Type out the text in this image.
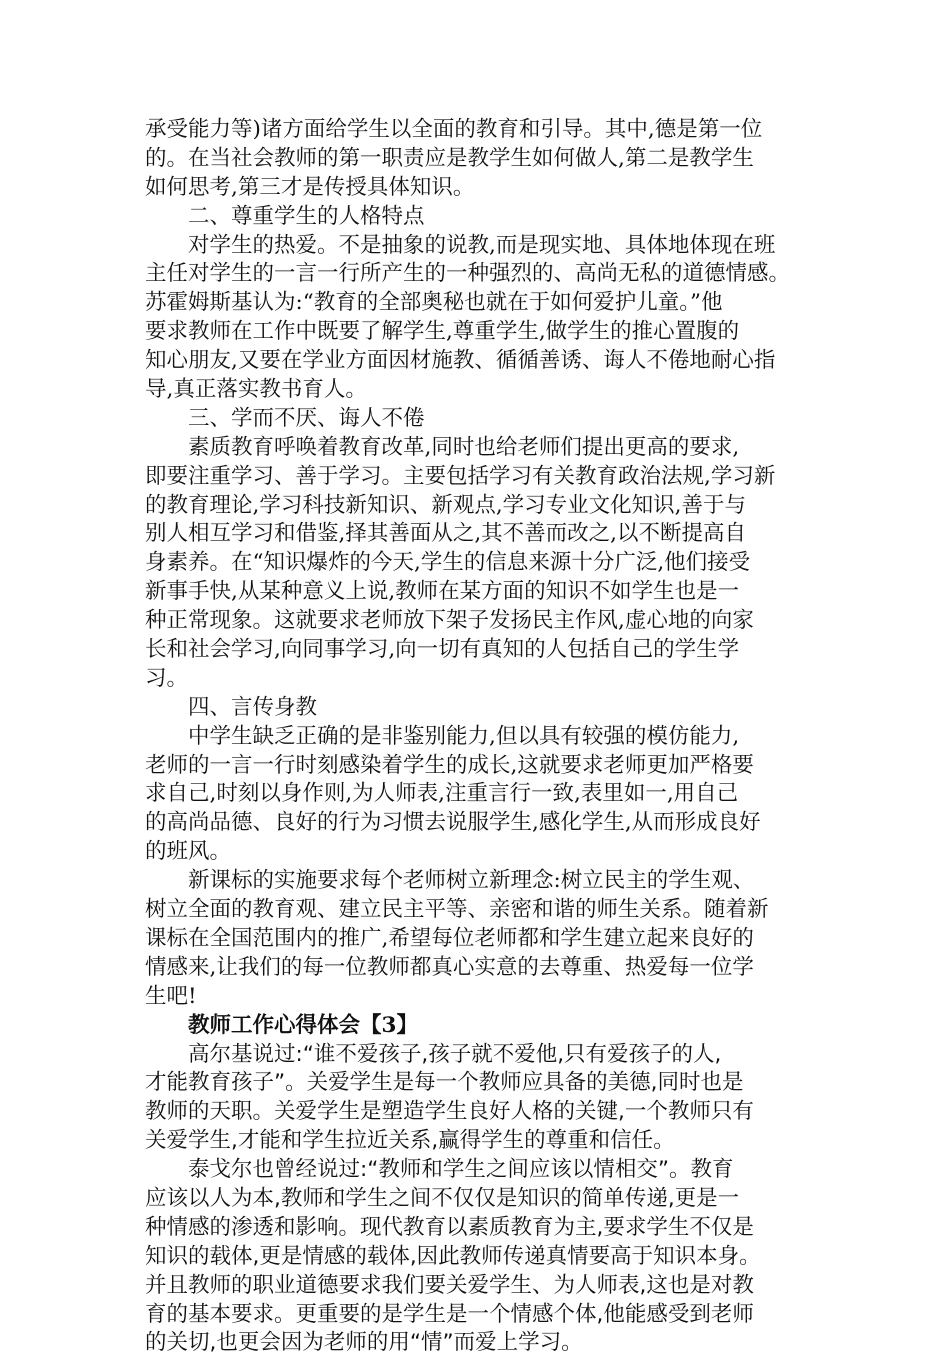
承受能力等)诸方面给学生以全面的教育和引导。其中,德是第一位
的。在当社会教师的第一职责应是教学生如何做人,第二是教学生
如何思考,第三才是传授具体知识。
二、尊重学生的人格特点
对学生的热爱。不是抽象的说教,而是现实地、具体地体现在班
主任对学生的一言一行所产生的一种强烈的、高尚无私的道德情感。
苏霍姆斯基认为:“教育的全部奥秘也就在于如何爱护儿童。”他
要求教师在工作中既要了解学生,尊重学生,做学生的推心置腹的
知心朋友,又要在学业方面因材施教、循循善诱、诲人不倦地耐心指
导,真正落实教书育人。
三、学而不厌、诲人不倦
素质教育呼唤着教育改革,同时也给老师们提出更高的要求,
即要注重学习、善于学习。主要包括学习有关教育政治法规,学习新
的教育理论,学习科技新知识、新观点,学习专业文化知识,善于与
别人相互学习和借鉴,择其善面从之,其不善而改之,以不断提高自
身素养。在“知识爆炸的今天,学生的信息来源十分广泛,他们接受
新事手快,从某种意义上说,教师在某方面的知识不如学生也是一
种正常现象。这就要求老师放下架子发扬民主作风,虚心地的向家
长和社会学习,向同事学习,向一切有真知的人包括自己的学生学
习。
四、言传身教
中学生缺乏正确的是非鉴别能力,但以具有较强的模仿能力,
老师的一言一行时刻感染着学生的成长,这就要求老师更加严格要
求自己,时刻以身作则,为人师表,注重言行一致,表里如一,用自己
的高尚品德、良好的行为习惯去说服学生,感化学生,从而形成良好
的班风。
新课标的实施要求每个老师树立新理念:树立民主的学生观、
树立全面的教育观、建立民主平等、亲密和谐的师生关系。随着新
课标在全国范围内的推广,希望每位老师都和学生建立起来良好的
情感来,让我们的每一位教师都真心实意的去尊重、热爱每一位学
生吧!
教师工作心得体会【3】
高尔基说过:“谁不爱孩子,孩子就不爱他,只有爱孩子的人,
才能教育孩子”。关爱学生是每一个教师应具备的美德,同时也是
教师的天职。关爱学生是塑造学生良好人格的关键,一个教师只有
关爱学生,才能和学生拉近关系,赢得学生的尊重和信任。
泰戈尔也曾经说过:“教师和学生之间应该以情相交”。教育
应该以人为本,教师和学生之间不仅仅是知识的简单传递,更是一
种情感的渗透和影响。现代教育以素质教育为主,要求学生不仅是
知识的载体,更是情感的载体,因此教师传递真情要高于知识本身。
并且教师的职业道德要求我们要关爱学生、为人师表,这也是对教
育的基本要求。更重要的是学生是一个情感个体,他能感受到老师
的关切,也更会因为老师的用“情”而爱上学习。
